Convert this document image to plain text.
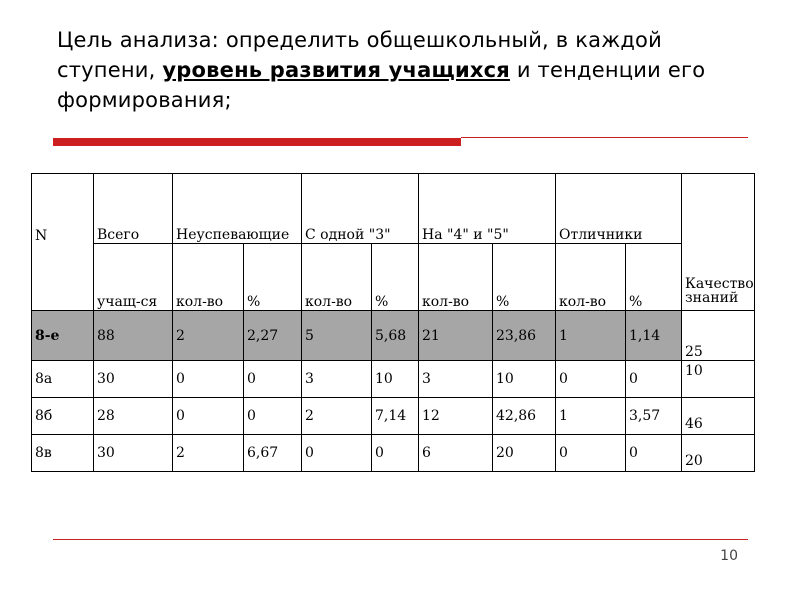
Цель анализа: определить общешкольный, в каждой ступени, уровень развития учащихся и тенденции его формирования;
N	Всего	Неуспевающие		С одной "3"		На "4" и "5"		Отличники		Качество
знаний

	учащ-ся	кол-во	%	кол-во	%	кол-во	%	кол-во	%	
8-е	88	2	2,27	5	5,68	21	23,86	1	1,14	25

8а	30	0	0	3	10	3	10	0	0	10

8б	28	0	0	2	7,14	12	42,86	1	3,57	46

8в	30	2	6,67	0	0	6	20	0	0	20
10
